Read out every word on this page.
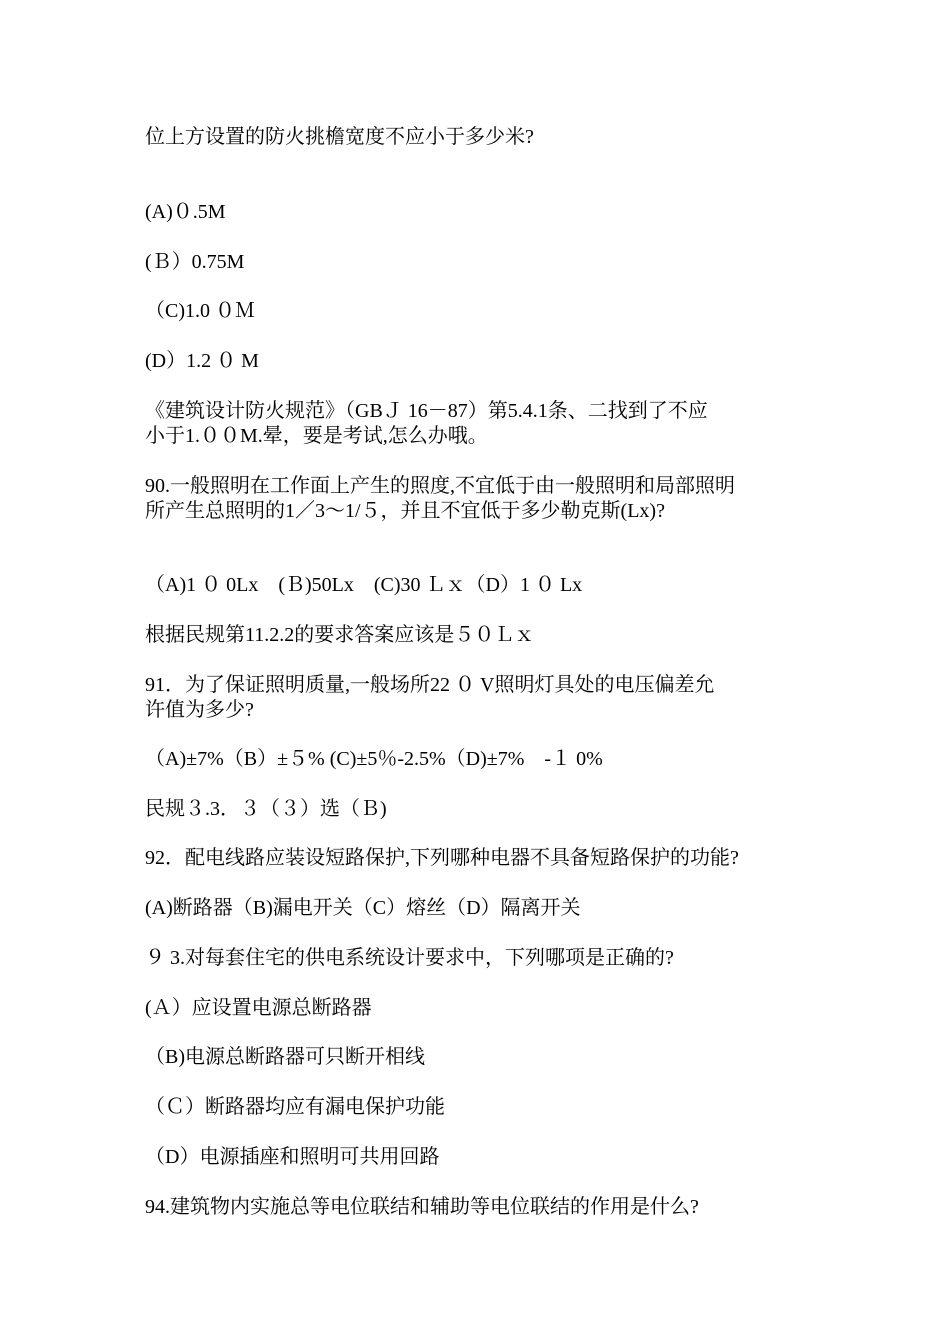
位上方设置的防火挑檐宽度不应小于多少米?

(A)０.5M

(Ｂ）0.75M

（C)1.0 ０Ｍ

(D）1.2 ０ M

《建筑设计防火规范》（GBＪ 16－87）第5.4.1条、二找到了不应

小于1.００M.晕，要是考试,怎么办哦。

90.一般照明在工作面上产生的照度,不宜低于由一般照明和局部照明

所产生总照明的1／3～1/５，并且不宜低于多少勒克斯(Lx)?

（A)1 ０ 0Lx　(Ｂ)50Lx　(C)30 Ｌｘ（D）1 ０ Lx

根据民规第11.2.2的要求答案应该是５０Ｌｘ

91．为了保证照明质量,一般场所22 ０ V照明灯具处的电压偏差允

许值为多少?

（A)±7%（B）±５% (C)±5％-2.5%（D)±7%　-１ 0%

民规３.3．３（３）选（Ｂ)

92．配电线路应装设短路保护,下列哪种电器不具备短路保护的功能?

(A)断路器（B)漏电开关（C）熔丝（D）隔离开关

９ 3.对每套住宅的供电系统设计要求中，下列哪项是正确的?

(Ａ）应设置电源总断路器

（B)电源总断路器可只断开相线

（Ｃ）断路器均应有漏电保护功能

（D）电源插座和照明可共用回路

94.建筑物内实施总等电位联结和辅助等电位联结的作用是什么?
